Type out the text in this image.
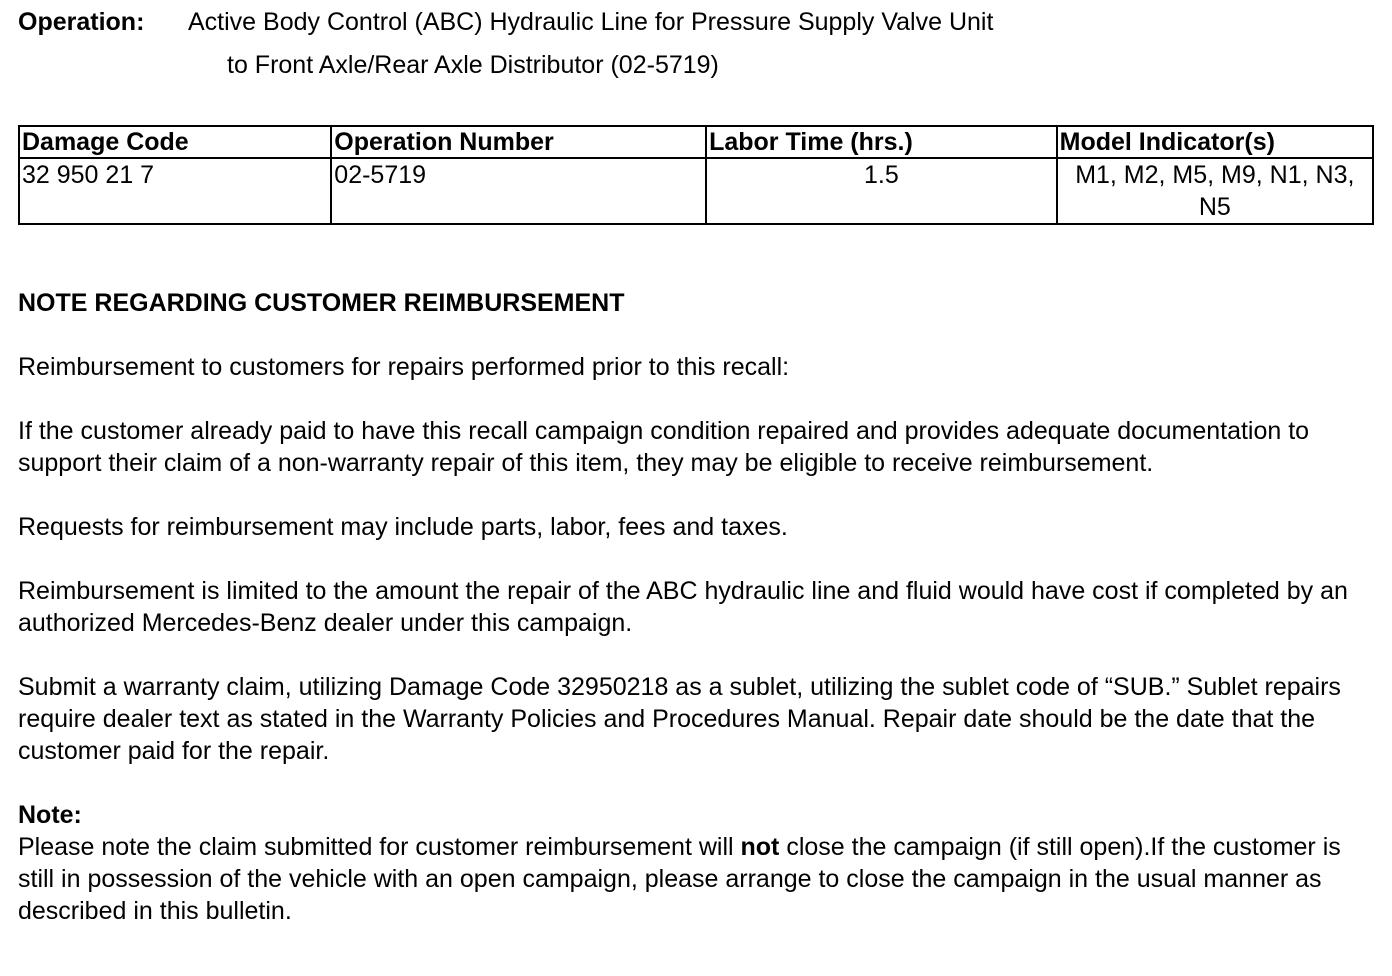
Operation: Active Body Control (ABC) Hydraulic Line for Pressure Supply Valve Unit
to Front Axle/Rear Axle Distributor (02-5719)
Damage Code	Operation Number	Labor Time (hrs.)	Model Indicator(s)
32 950 21 7	02-5719	1.5	M1, M2, M5, M9, N1, N3, N5

NOTE REGARDING CUSTOMER REIMBURSEMENT

Reimbursement to customers for repairs performed prior to this recall:

If the customer already paid to have this recall campaign condition repaired and provides adequate documentation to support their claim of a non-warranty repair of this item, they may be eligible to receive reimbursement.

Requests for reimbursement may include parts, labor, fees and taxes.

Reimbursement is limited to the amount the repair of the ABC hydraulic line and fluid would have cost if completed by an authorized Mercedes-Benz dealer under this campaign.

Submit a warranty claim, utilizing Damage Code 32950218 as a sublet, utilizing the sublet code of “SUB.” Sublet repairs require dealer text as stated in the Warranty Policies and Procedures Manual. Repair date should be the date that the customer paid for the repair.

Note:

Please note the claim submitted for customer reimbursement will not close the campaign (if still open).If the customer is still in possession of the vehicle with an open campaign, please arrange to close the campaign in the usual manner as described in this bulletin.
